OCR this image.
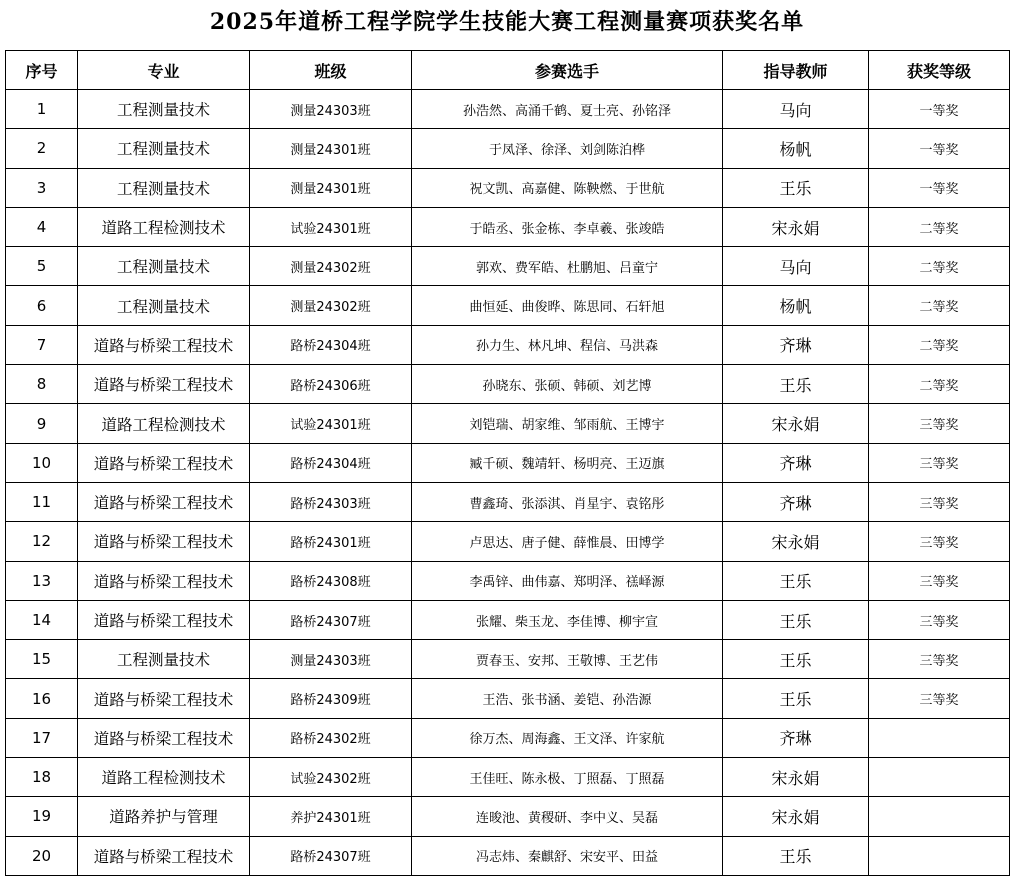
2025年道桥工程学院学生技能大赛工程测量赛项获奖名单
序号	专业	班级	参赛选手	指导教师	获奖等级
1	工程测量技术	测量24303班	孙浩然、高涌千鹤、夏士亮、孙铭泽	马向	一等奖
2	工程测量技术	测量24301班	于凤泽、徐泽、刘剑陈泊桦	杨帆	一等奖
3	工程测量技术	测量24301班	祝文凯、高嘉健、陈鞅燃、于世航	王乐	一等奖
4	道路工程检测技术	试验24301班	于皓丞、张金栋、李卓羲、张竣皓	宋永娟	二等奖
5	工程测量技术	测量24302班	郭欢、费军皓、杜鹏旭、吕童宁	马向	二等奖
6	工程测量技术	测量24302班	曲恒延、曲俊晔、陈思同、石轩旭	杨帆	二等奖
7	道路与桥梁工程技术	路桥24304班	孙力生、林凡坤、程信、马洪森	齐琳	二等奖
8	道路与桥梁工程技术	路桥24306班	孙晓东、张硕、韩硕、刘艺博	王乐	二等奖
9	道路工程检测技术	试验24301班	刘铠瑞、胡家维、邹雨航、王博宇	宋永娟	三等奖
10	道路与桥梁工程技术	路桥24304班	臧千硕、魏靖轩、杨明亮、王迈旗	齐琳	三等奖
11	道路与桥梁工程技术	路桥24303班	曹鑫琦、张添淇、肖星宇、袁铭彤	齐琳	三等奖
12	道路与桥梁工程技术	路桥24301班	卢思达、唐子健、薛惟晨、田博学	宋永娟	三等奖
13	道路与桥梁工程技术	路桥24308班	李禹锌、曲伟嘉、郑明泽、禚峄源	王乐	三等奖
14	道路与桥梁工程技术	路桥24307班	张耀、柴玉龙、李佳博、柳宇宣	王乐	三等奖
15	工程测量技术	测量24303班	贾春玉、安邦、王敬博、王艺伟	王乐	三等奖
16	道路与桥梁工程技术	路桥24309班	王浩、张书涵、姜铠、孙浩源	王乐	三等奖
17	道路与桥梁工程技术	路桥24302班	徐万杰、周海鑫、王文泽、许家航	齐琳	
18	道路工程检测技术	试验24302班	王佳旺、陈永极、丁照磊、丁照磊	宋永娟	
19	道路养护与管理	养护24301班	连晙池、黄稷研、李中义、吴磊	宋永娟	
20	道路与桥梁工程技术	路桥24307班	冯志炜、秦麒舒、宋安平、田益	王乐	
